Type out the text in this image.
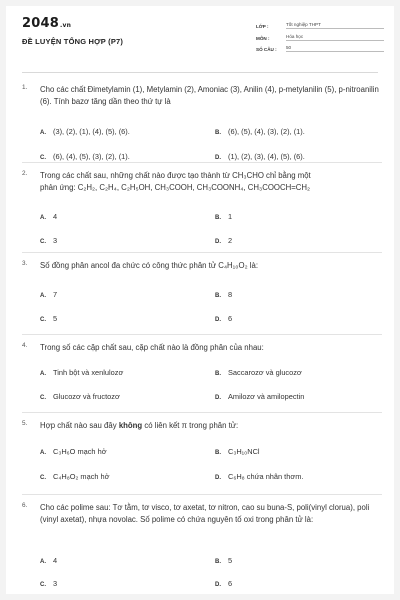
2048.vn
ĐỀ LUYỆN TỔNG HỢP (P7)
LỚP :	Tốt nghiệp THPT
MÔN :	Hóa học
SỐ CÂU :	50
1. Cho các chất Đimetylamin (1), Metylamin (2), Amoniac (3), Anilin (4), p-metylanilin (5), p-nitroanilin (6). Tính bazơ tăng dần theo thứ tự là
A. (3), (2), (1), (4), (5), (6).	B. (6), (5), (4), (3), (2), (1).
C. (6), (4), (5), (3), (2), (1).	D. (1), (2), (3), (4), (5), (6).
2. Trong các chất sau, những chất nào được tạo thành từ CH₃CHO chỉ bằng một
phản ứng: C₂H₂, C₂H₄, C₂H₅OH, CH₃COOH, CH₃COONH₄, CH₃COOCH=CH₂
A. 4	B. 1
C. 3	D. 2
3. Số đồng phân ancol đa chức có công thức phân tử C₄H₁₀O₂ là:
A. 7	B. 8
C. 5	D. 6
4. Trong số các cặp chất sau, cặp chất nào là đồng phân của nhau:
A. Tinh bột và xenlulozơ	B. Saccarozơ và glucozơ
C. Glucozơ và fructozơ	D. Amilozơ và amilopectin
5. Hợp chất nào sau đây không có liên kết π trong phân tử:
A. C₃H₆O mạch hở	B. C₃H₁₀NCl
C. C₄H₈O₂ mạch hở	D. C₆H₈ chứa nhân thơm.
6. Cho các polime sau: Tơ tằm, tơ visco, tơ axetat, tơ nitron, cao su buna-S, poli(vinyl clorua), poli (vinyl axetat), nhựa novolac. Số polime có chứa nguyên tố oxi trong phân tử là:
A. 4	B. 5
C. 3	D. 6
